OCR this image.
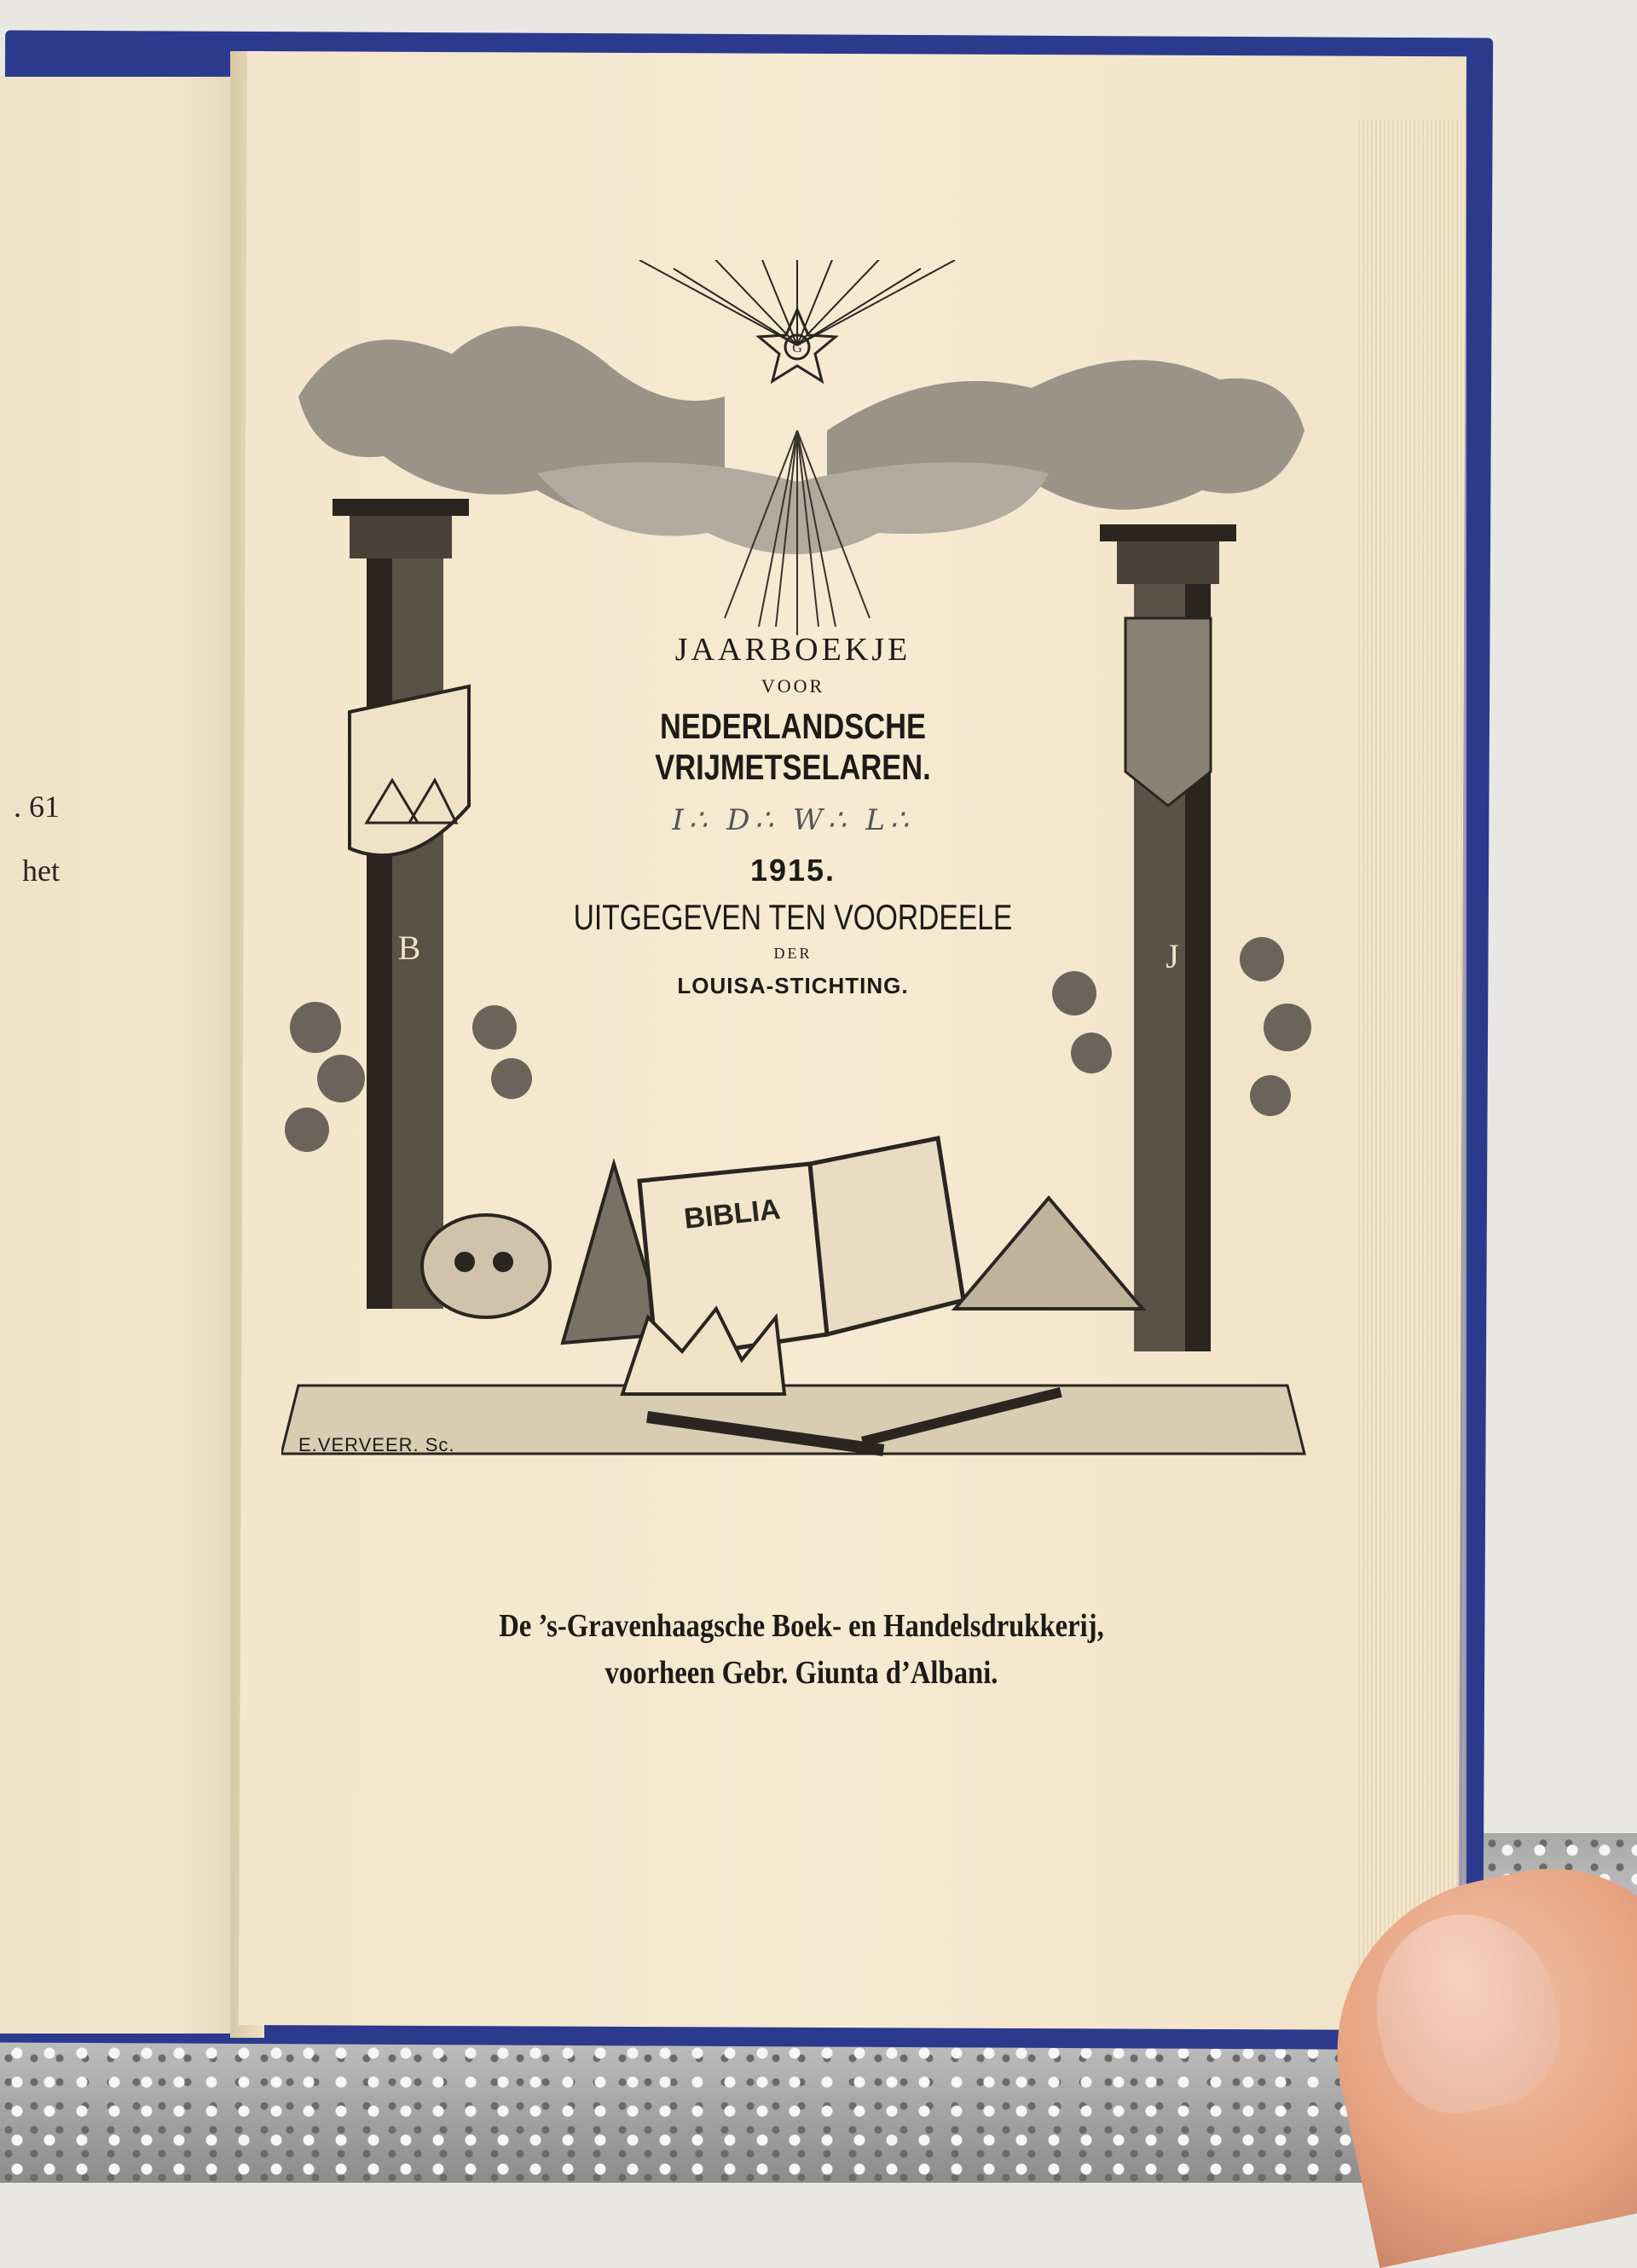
. 61
het
G
B	J
BIBLIA
JAARBOEKJE
VOOR
NEDERLANDSCHE VRIJMETSELAREN.
I∴ D∴ W∴ L∴
1915.
UITGEGEVEN TEN VOORDEELE
DER
LOUISA-STICHTING.
E.VERVEER. Sc.
De ’s-Gravenhaagsche Boek- en Handelsdrukkerij,
voorheen Gebr. Giunta d’Albani.
